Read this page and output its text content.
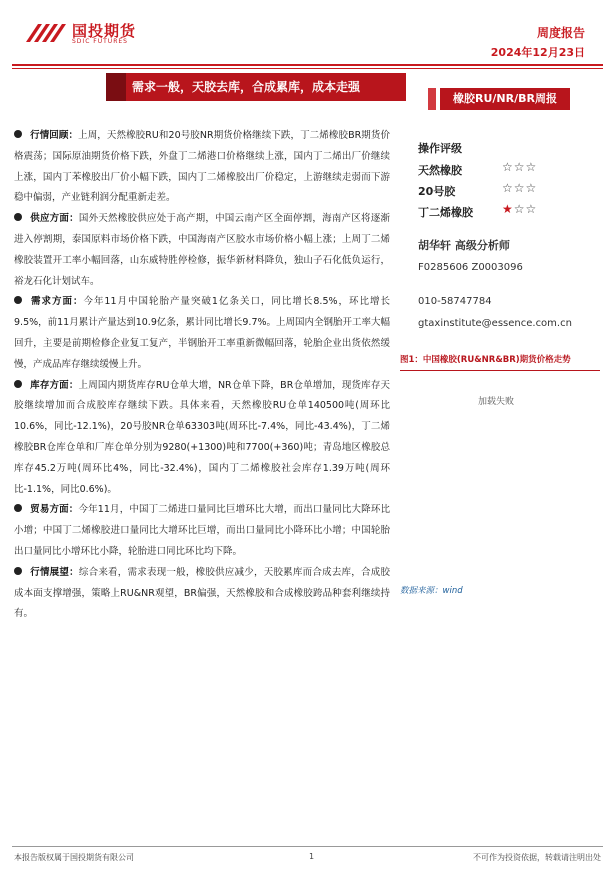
国投期货
SDIC FUTURES
周度报告
2024年12月23日
需求一般，天胶去库，合成累库，成本走强
橡胶RU/NR/BR周报

行情回顾：上周，天然橡胶RU和20号胶NR期货价格继续下跌，丁二烯橡胶BR期货价格震荡；国际原油期货价格下跌，外盘丁二烯港口价格继续上涨，国内丁二烯出厂价继续上涨，国内丁苯橡胶出厂价小幅下跌，国内丁二烯橡胶出厂价稳定，上游继续走弱而下游稳中偏弱，产业链利润分配重新走差。

供应方面：国外天然橡胶供应处于高产期，中国云南产区全面停割，海南产区将逐渐进入停割期，泰国原料市场价格下跌，中国海南产区胶水市场价格小幅上涨；上周丁二烯橡胶装置开工率小幅回落，山东威特胜停检修，振华新材料降负，独山子石化低负运行，裕龙石化计划试车。

需求方面：今年11月中国轮胎产量突破1亿条关口，同比增长8.5%，环比增长9.5%，前11月累计产量达到10.9亿条，累计同比增长9.7%。上周国内全钢胎开工率大幅回升，主要是前期检修企业复工复产，半钢胎开工率重新微幅回落，轮胎企业出货依然缓慢，产成品库存继续缓慢上升。

库存方面：上周国内期货库存RU仓单大增，NR仓单下降，BR仓单增加，现货库存天胶继续增加而合成胶库存继续下跌。具体来看，天然橡胶RU仓单140500吨(周环比10.6%，同比-12.1%)，20号胶NR仓单63303吨(周环比-7.4%，同比-43.4%)，丁二烯橡胶BR仓库仓单和厂库仓单分别为9280(+1300)吨和7700(+360)吨；青岛地区橡胶总库存45.2万吨(周环比4%，同比-32.4%)，国内丁二烯橡胶社会库存1.39万吨(周环比-1.1%，同比0.6%)。

贸易方面：今年11月，中国丁二烯进口量同比巨增环比大增，而出口量同比大降环比小增；中国丁二烯橡胶进口量同比大增环比巨增，而出口量同比小降环比小增；中国轮胎出口量同比小增环比小降，轮胎进口同比环比均下降。

行情展望：综合来看，需求表现一般，橡胶供应减少，天胶累库而合成去库，合成胶成本面支撑增强，策略上RU&NR观望，BR偏强，天然橡胶和合成橡胶跨品种套利继续持有。

操作评级
天然橡胶	☆☆☆
20号胶	☆☆☆
丁二烯橡胶 ★☆☆
胡华轩 高级分析师
F0285606 Z0003096
010-58747784
gtaxinstitute@essence.com.cn
图1：中国橡胶(RU&NR&BR)期货价格走势
加载失败
数据来源：wind
本报告版权属于国投期货有限公司	1	不可作为投资依据，转载请注明出处
